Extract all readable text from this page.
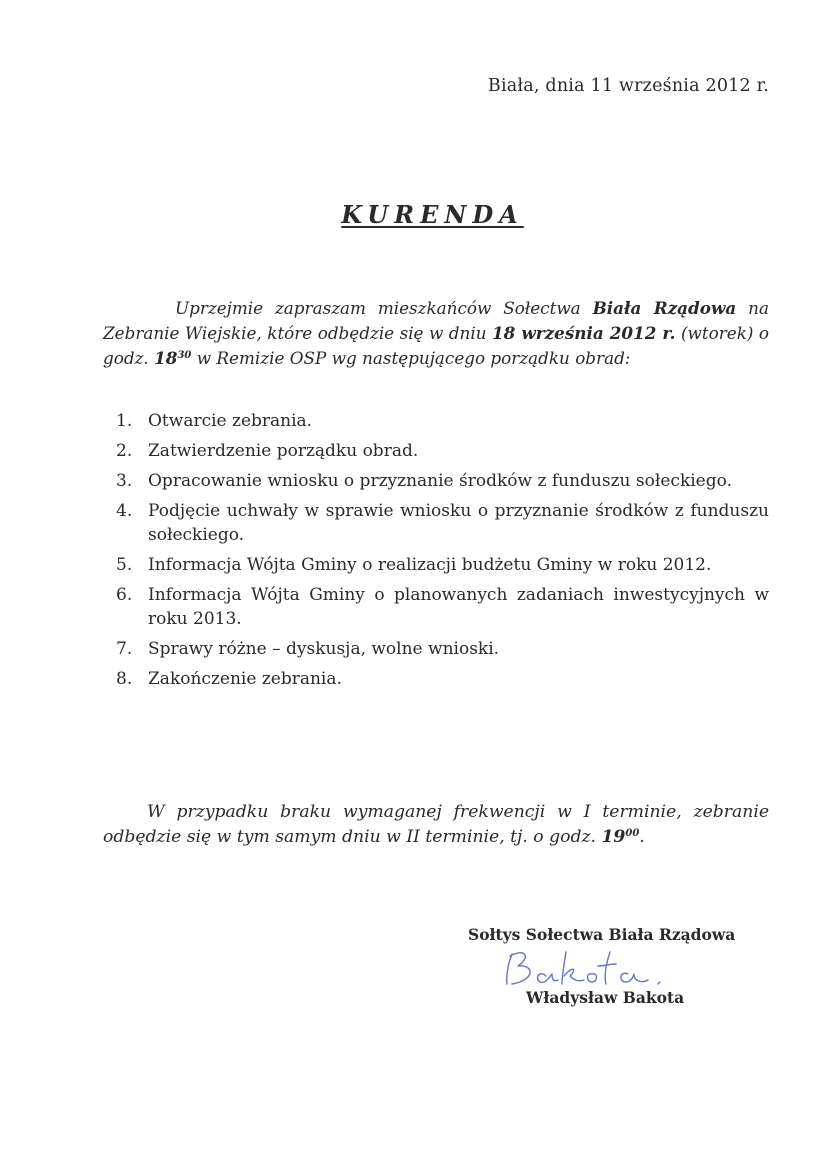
Biała, dnia 11 września 2012 r.
KURENDA

Uprzejmie zapraszam mieszkańców Sołectwa Biała Rządowa na Zebranie Wiejskie, które odbędzie się w dniu 18 września 2012 r. (wtorek) o godz. $18^{30}$ w Remizie OSP wg następującego porządku obrad:

1. Otwarcie zebrania.
2. Zatwierdzenie porządku obrad.
3. Opracowanie wniosku o przyznanie środków z funduszu sołeckiego.
4. Podjęcie uchwały w sprawie wniosku o przyznanie środków z funduszu sołeckiego.
5. Informacja Wójta Gminy o realizacji budżetu Gminy w roku 2012.
6. Informacja Wójta Gminy o planowanych zadaniach inwestycyjnych w roku 2013.
7. Sprawy różne – dyskusja, wolne wnioski.
8. Zakończenie zebrania.

W przypadku braku wymaganej frekwencji w I terminie, zebranie odbędzie się w tym samym dniu w II terminie, tj. o godz. $19^{00}$.

Sołtys Sołectwa Biała Rządowa
Władysław Bakota
